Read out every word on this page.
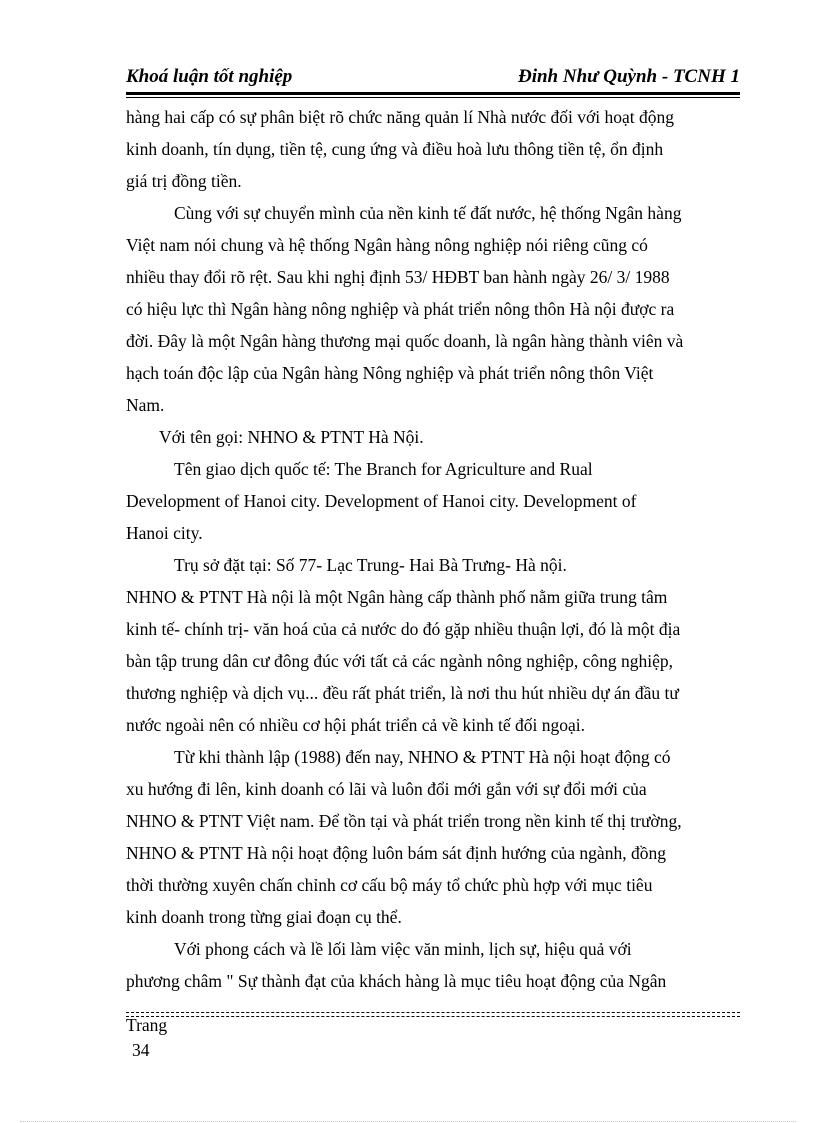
Khoá luận tốt nghiệp	Đinh Như Quỳnh - TCNH 1
hàng hai cấp có sự phân biệt rõ chức năng quản lí Nhà nước đối với hoạt động
kinh doanh, tín dụng, tiền tệ, cung ứng và điều hoà lưu thông tiền tệ, ổn định
giá trị đồng tiền.
Cùng với sự chuyển mình của nền kinh tế đất nước, hệ thống Ngân hàng
Việt nam nói chung và hệ thống Ngân hàng nông nghiệp nói riêng cũng có
nhiều thay đổi rõ rệt. Sau khi nghị định 53/ HĐBT ban hành ngày 26/ 3/ 1988
có hiệu lực thì Ngân hàng nông nghiệp và phát triển nông thôn Hà nội được ra
đời. Đây là một Ngân hàng thương mại quốc doanh, là ngân hàng thành viên và
hạch toán độc lập của Ngân hàng Nông nghiệp và phát triển nông thôn Việt
Nam.
Với tên gọi: NHNO & PTNT Hà Nội.
Tên giao dịch quốc tế: The Branch for Agriculture and Rual
Development of Hanoi city. Development of Hanoi city. Development of
Hanoi city.
Trụ sở đặt tại: Số 77- Lạc Trung- Hai Bà Trưng- Hà nội.
NHNO & PTNT Hà nội là một Ngân hàng cấp thành phố nằm giữa trung tâm
kinh tế- chính trị- văn hoá của cả nước do đó gặp nhiều thuận lợi, đó là một địa
bàn tập trung dân cư đông đúc với tất cả các ngành nông nghiệp, công nghiệp,
thương nghiệp và dịch vụ... đều rất phát triển, là nơi thu hút nhiều dự án đầu tư
nước ngoài nên có nhiều cơ hội phát triển cả về kinh tế đối ngoại.
Từ khi thành lập (1988) đến nay, NHNO & PTNT Hà nội hoạt động có
xu hướng đi lên, kinh doanh có lãi và luôn đổi mới gắn với sự đổi mới của
NHNO & PTNT Việt nam. Để tồn tại và phát triển trong nền kinh tế thị trường,
NHNO & PTNT Hà nội hoạt động luôn bám sát định hướng của ngành, đồng
thời thường xuyên chấn chỉnh cơ cấu bộ máy tổ chức phù hợp với mục tiêu
kinh doanh trong từng giai đoạn cụ thể.
Với phong cách và lề lối làm việc văn minh, lịch sự, hiệu quả với
phương châm " Sự thành đạt của khách hàng là mục tiêu hoạt động của Ngân
Trang
34
